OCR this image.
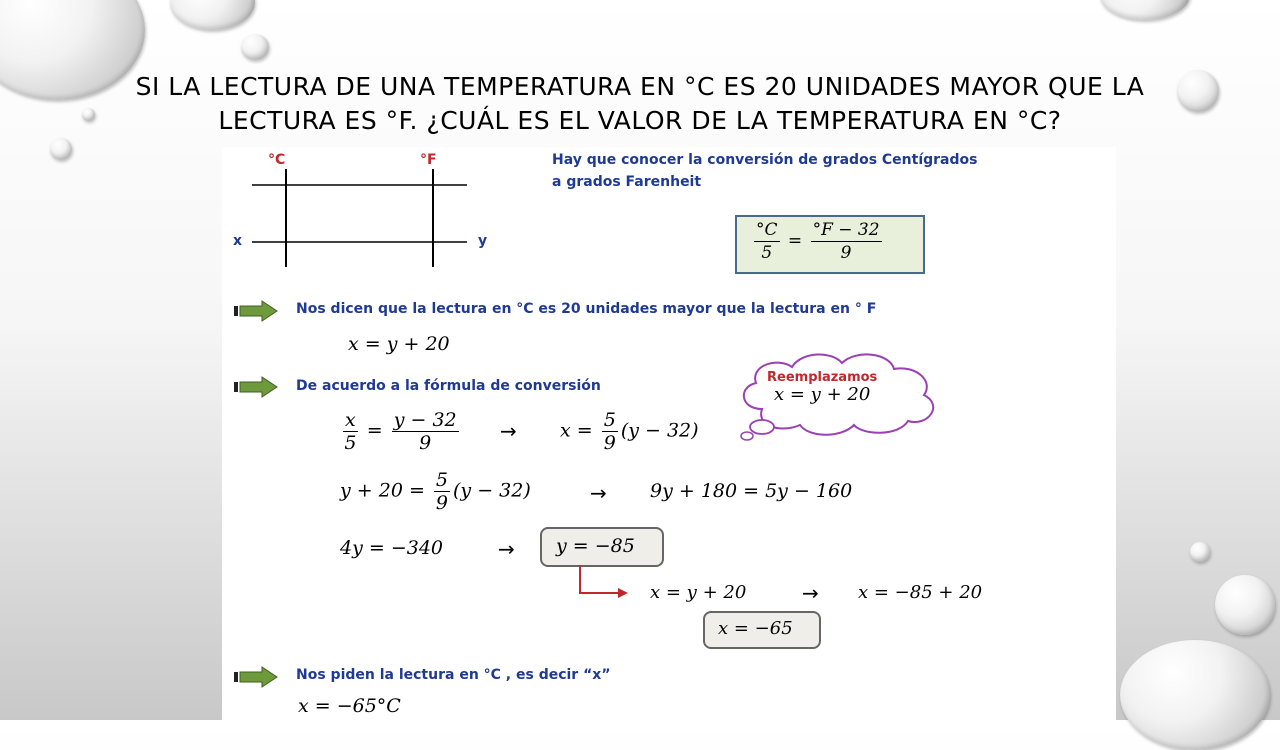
SI LA LECTURA DE UNA TEMPERATURA EN °C ES 20 UNIDADES MAYOR QUE LA LECTURA ES °F. ¿CUÁL ES EL VALOR DE LA TEMPERATURA EN °C?
°C	°F
x	y
Hay que conocer la conversión de grados Centígrados
a grados Farenheit
$\frac{^\circ C}{5} = \frac{^\circ F - 32}{9}$
Nos dicen que la lectura en °C es 20 unidades mayor que la lectura en ° F
x = y + 20
De acuerdo a la fórmula de conversión
Reemplazamos
x = y + 20
$\frac{x}{5} = \frac{y - 32}{9} \to x = \frac{5}{9} (y - 32)$
$y + 20 = \frac{5}{9} (y - 32)$	→ 9y + 180 = 5y − 160
4y = −340	→ y = −85
x = y + 20	→ x = −85 + 20
x = −65
Nos piden la lectura en °C , es decir “x”
x = −65°C
